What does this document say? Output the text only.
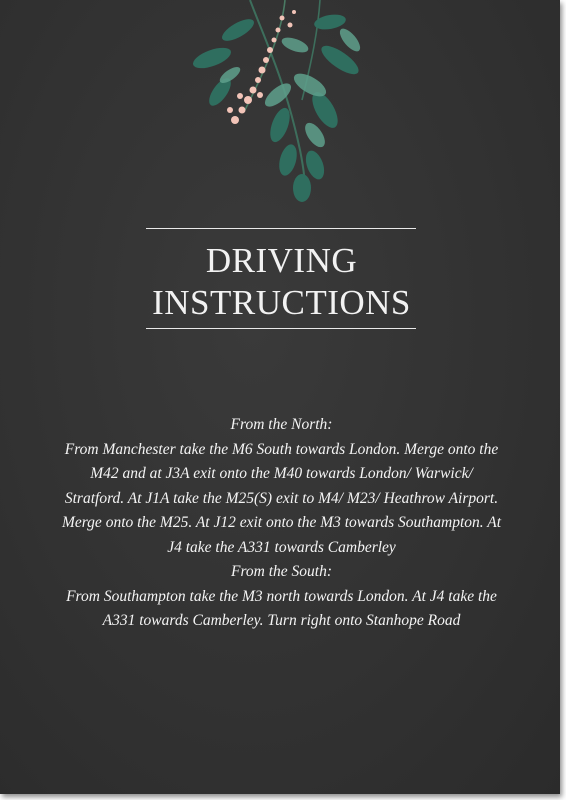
DRIVING
INSTRUCTIONS

From the North:

From Manchester take the M6 South towards London. Merge onto the M42 and at J3A exit onto the M40 towards London/ Warwick/ Stratford. At J1A take the M25(S) exit to M4/ M23/ Heathrow Airport. Merge onto the M25. At J12 exit onto the M3 towards Southampton. At J4 take the A331 towards Camberley

From the South:

From Southampton take the M3 north towards London. At J4 take the A331 towards Camberley. Turn right onto Stanhope Road
